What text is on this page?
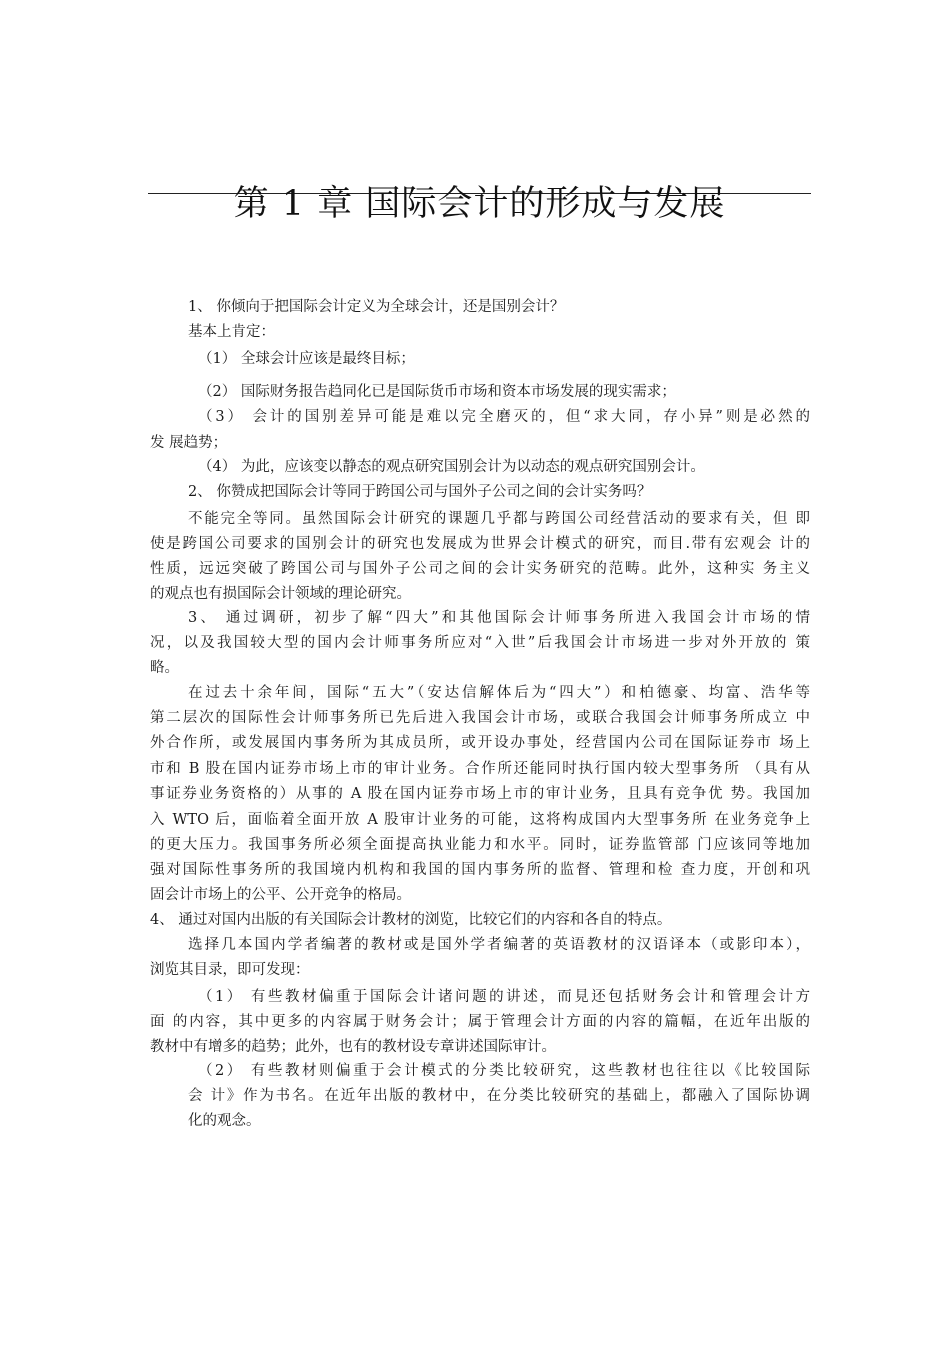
第 1 章 国际会计的形成与发展
1、 你倾向于把国际会计定义为全球会计，还是国别会计？
基本上肯定：
（1） 全球会计应该是最终目标；
（2） 国际财务报告趋同化已是国际货币市场和资本市场发展的现实需求；
（3） 会计的国别差异可能是难以完全磨灭的，但“求大同，存小异”则是必然的
发 展趋势；
（4） 为此，应该变以静态的观点研究国别会计为以动态的观点研究国别会计。
2、 你赞成把国际会计等同于跨国公司与国外子公司之间的会计实务吗？
不能完全等同。虽然国际会计研究的课题几乎都与跨国公司经营活动的要求有关，但 即
使是跨国公司要求的国别会计的研究也发展成为世界会计模式的研究，而目.带有宏观会 计的
性质，远远突破了跨国公司与国外子公司之间的会计实务研究的范畴。此外，这种实 务主义
的观点也有损国际会计领域的理论研究。
3、 通过调研，初步了解“四大”和其他国际会计师事务所进入我国会计市场的情
况，以及我国较大型的国内会计师事务所应对“入世”后我国会计市场进一步对外开放的 策
略。
在过去十余年间，国际“五大”（安达信解体后为“四大”）和柏德豪、均富、浩华等
第二层次的国际性会计师事务所已先后进入我国会计市场，或联合我国会计师事务所成立 中
外合作所，或发展国内事务所为其成员所，或开设办事处，经营国内公司在国际证券市 场上
市和 B 股在国内证券市场上市的审计业务。合作所还能同时执行国内较大型事务所 （具有从
事证券业务资格的）从事的 A 股在国内证券市场上市的审计业务，且具有竞争优 势。我国加
入 WTO 后，面临着全面开放 A 股审计业务的可能，这将构成国内大型事务所 在业务竞争上
的更大压力。我国事务所必须全面提高执业能力和水平。同时，证券监管部 门应该同等地加
强对国际性事务所的我国境内机构和我国的国内事务所的监督、管理和检 查力度，开创和巩
固会计市场上的公平、公开竞争的格局。
4、 通过对国内出版的有关国际会计教材的浏览，比较它们的内容和各自的特点。
选择几本国内学者编著的教材或是国外学者编著的英语教材的汉语译本（或影印本），
浏览其目录，即可发现：
（1） 有些教材偏重于国际会计诸问题的讲述，而見还包括财务会计和管理会计方
面 的内容，其中更多的内容属于财务会计；属于管理会计方面的内容的篇幅，在近年出版的
教材中有增多的趋势；此外，也有的教材设专章讲述国际审计。
（2） 有些教材则偏重于会计模式的分类比较研究，这些教材也往往以《比较国际
会 计》作为书名。在近年出版的教材中，在分类比较研究的基础上，都融入了国际协调
化的观念。
